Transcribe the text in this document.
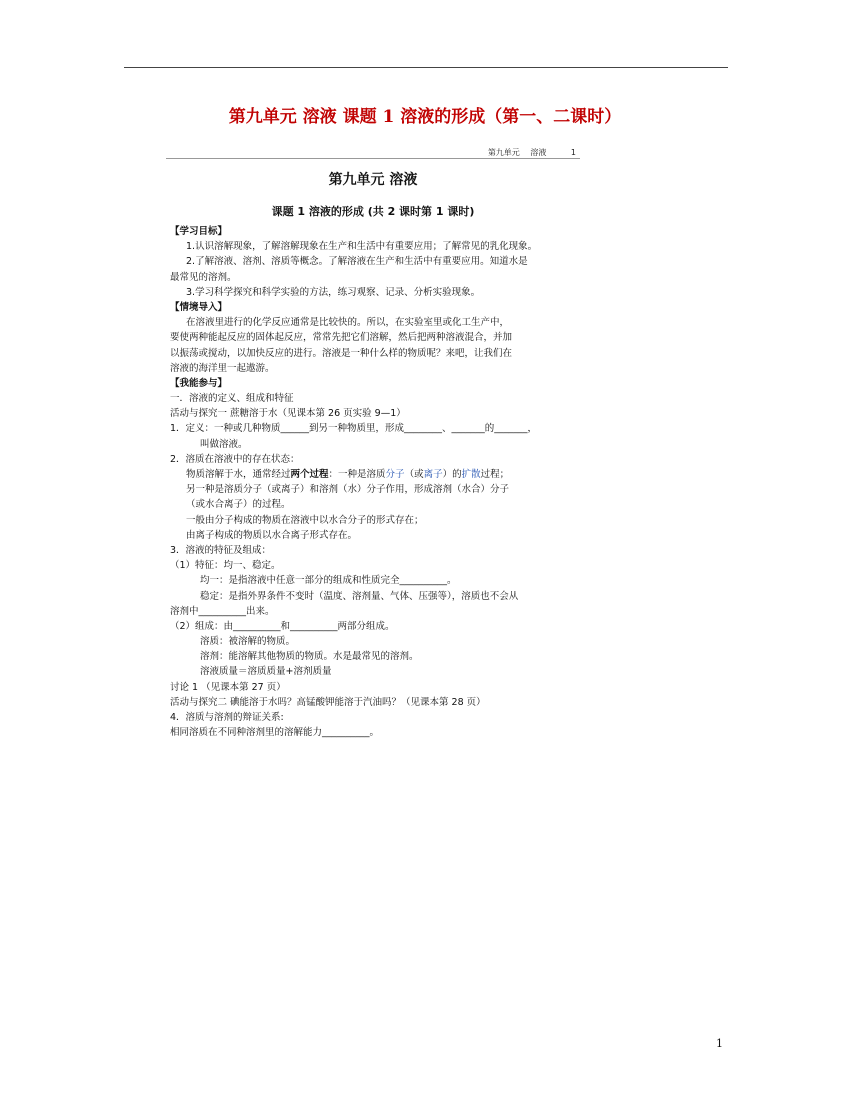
第九单元 溶液 课题 1 溶液的形成（第一、二课时）
第九单元 溶液	1
第九单元 溶液
课题 1 溶液的形成 (共 2 课时第 1 课时)
【学习目标】
1.认识溶解现象，了解溶解现象在生产和生活中有重要应用；了解常见的乳化现象。
2.了解溶液、溶剂、溶质等概念。了解溶液在生产和生活中有重要应用。知道水是
最常见的溶剂。
3.学习科学探究和科学实验的方法，练习观察、记录、分析实验现象。
【情境导入】
在溶液里进行的化学反应通常是比较快的。所以，在实验室里或化工生产中，
要使两种能起反应的固体起反应，常常先把它们溶解，然后把两种溶液混合，并加
以振荡或搅动，以加快反应的进行。溶液是一种什么样的物质呢？来吧，让我们在
溶液的海洋里一起遨游。
【我能参与】
一．溶液的定义、组成和特征
活动与探究一 蔗糖溶于水（见课本第 26 页实验 9—1）
1．定义：一种或几种物质______到另一种物质里，形成________、_______的_______，
叫做溶液。
2．溶质在溶液中的存在状态：
物质溶解于水，通常经过两个过程：一种是溶质分子（或离子）的扩散过程；
另一种是溶质分子（或离子）和溶剂（水）分子作用，形成溶剂（水合）分子
（或水合离子）的过程。
一般由分子构成的物质在溶液中以水合分子的形式存在；
由离子构成的物质以水合离子形式存在。
3．溶液的特征及组成：
（1）特征：均一、稳定。
均一：是指溶液中任意一部分的组成和性质完全__________。
稳定：是指外界条件不变时（温度、溶剂量、气体、压强等），溶质也不会从
溶剂中__________出来。
（2）组成：由__________和__________两部分组成。
溶质：被溶解的物质。
溶剂：能溶解其他物质的物质。水是最常见的溶剂。
溶液质量＝溶质质量+溶剂质量
讨论 1 （见课本第 27 页）
活动与探究二 碘能溶于水吗？高锰酸钾能溶于汽油吗？（见课本第 28 页）
4．溶质与溶剂的辩证关系:
相同溶质在不同种溶剂里的溶解能力__________。
1
